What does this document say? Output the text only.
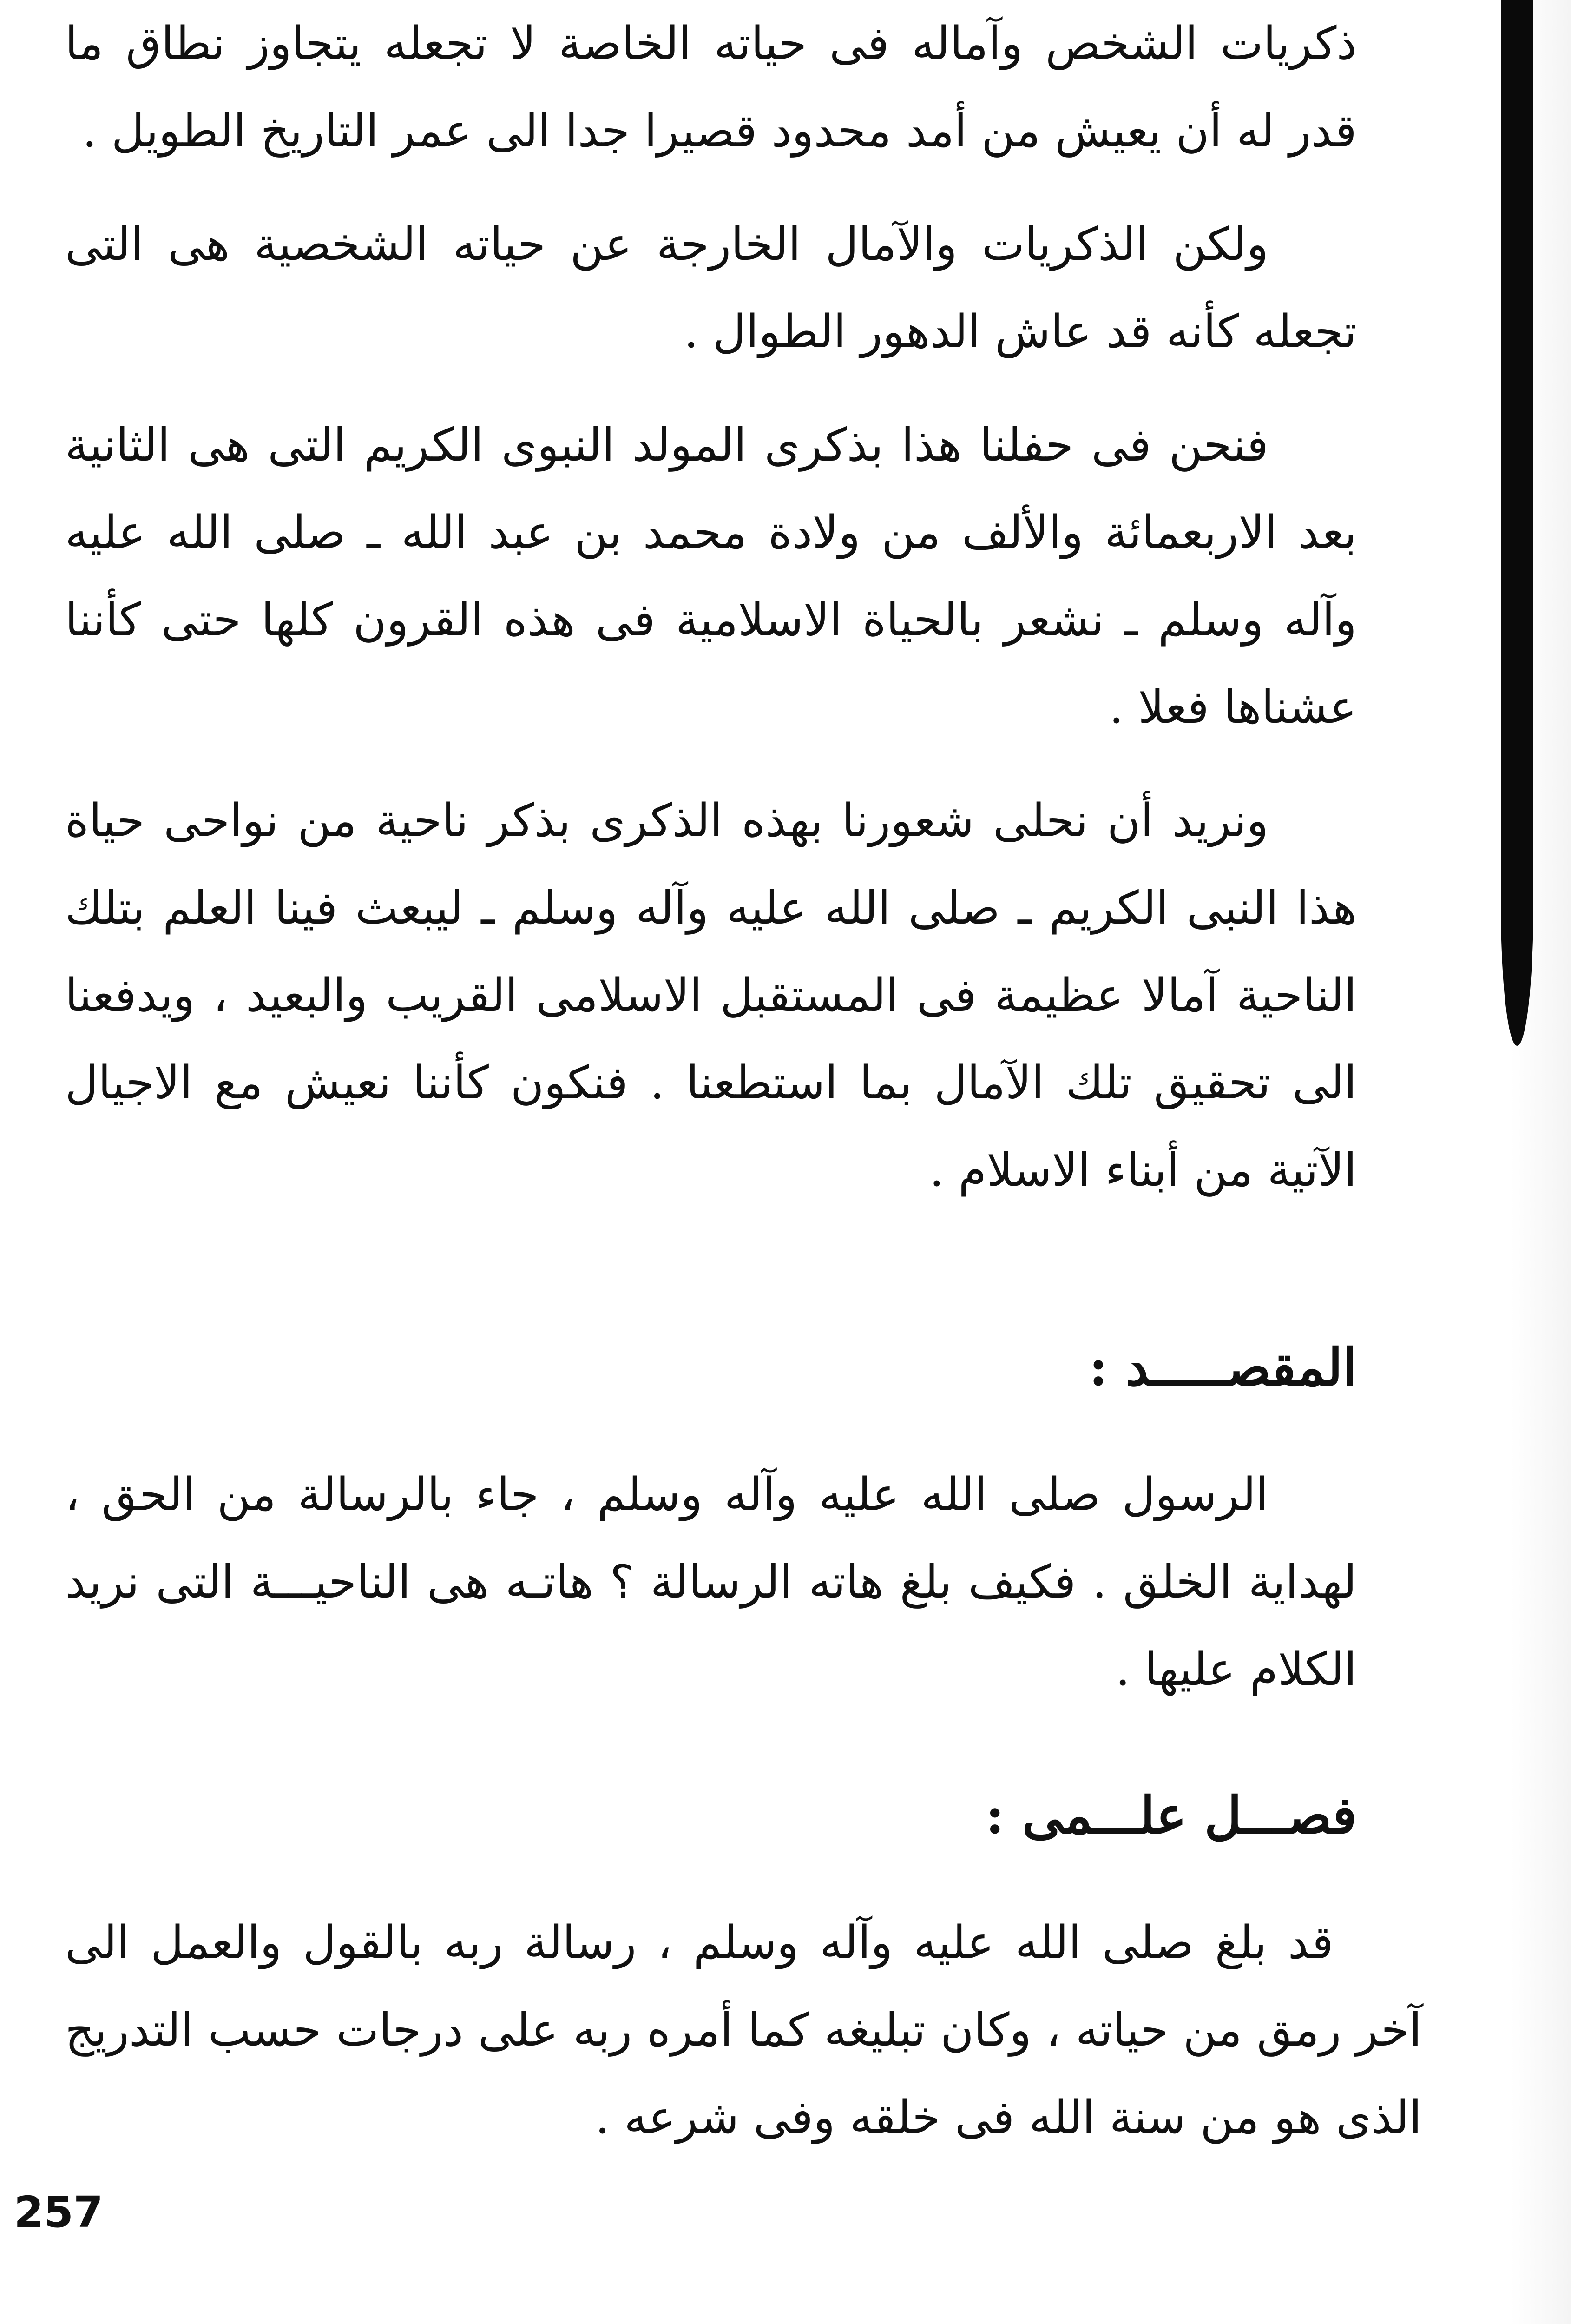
ذكريات الشخص وآماله فى حياته الخاصة لا تجعله يتجاوز نطاق ما قدر له أن يعيش من أمد محدود قصيرا جدا الى عمر التاريخ الطويل .

ولكن الذكريات والآمال الخارجة عن حياته الشخصية هى التى تجعله كأنه قد عاش الدهور الطوال .

فنحن فى حفلنا هذا بذكرى المولد النبوى الكريم التى هى الثانية بعد الاربعمائة والألف من ولادة محمد بن عبد الله ـ صلى الله عليه وآله وسلم ـ نشعر بالحياة الاسلامية فى هذه القرون كلها حتى كأننا عشناها فعلا .

ونريد أن نحلى شعورنا بهذه الذكرى بذكر ناحية من نواحى حياة هذا النبى الكريم ـ صلى الله عليه وآله وسلم ـ ليبعث فينا العلم بتلك الناحية آمالا عظيمة فى المستقبل الاسلامى القريب والبعيد ، ويدفعنا الى تحقيق تلك الآمال بما استطعنا . فنكون كأننا نعيش مع الاجيال الآتية من أبناء الاسلام .

المقصـــــد :

الرسول صلى الله عليه وآله وسلم ، جاء بالرسالة من الحق ، لهداية الخلق . فكيف بلغ هاته الرسالة ؟ هاتـه هى الناحيـــة التى نريد الكلام عليها .

فصـــل علـــمى :

قد بلغ صلى الله عليه وآله وسلم ، رسالة ربه بالقول والعمل الى آخر رمق من حياته ، وكان تبليغه كما أمره ربه على درجات حسب التدريج الذى هو من سنة الله فى خلقه وفى شرعه .

257
